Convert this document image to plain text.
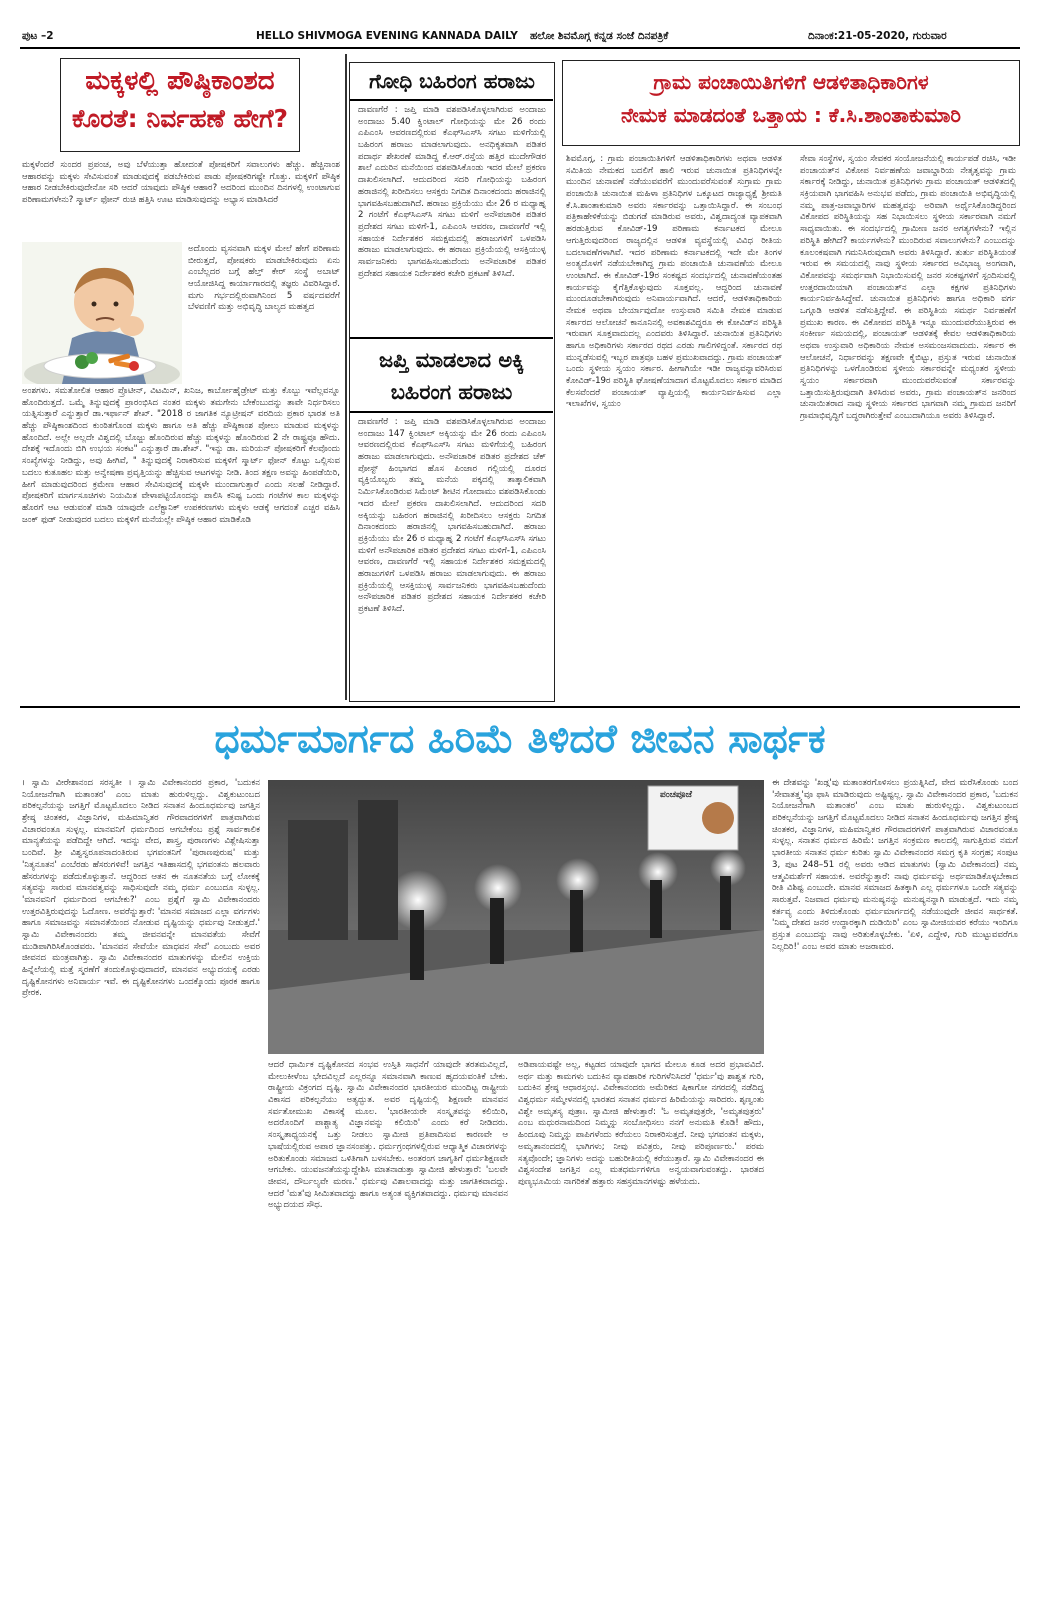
ಪುಟ –2	HELLO SHIVMOGA EVENING KANNADA DAILY ಹಲೋ ಶಿವಮೊಗ್ಗ ಕನ್ನಡ ಸಂಜೆ ದಿನಪತ್ರಿಕೆ	ದಿನಾಂಕ:21-05-2020, ಗುರುವಾರ
ಮಕ್ಕಳಲ್ಲಿ ಪೌಷ್ಠಿಕಾಂಶದ
ಕೊರತೆ: ನಿರ್ವಹಣೆ ಹೇಗೆ?
ಮಕ್ಕಳೆಂದರೆ ಸುಂದರ ಪ್ರಪಂಚ, ಅವು ಬೆಳೆಯುತ್ತಾ ಹೋದಂತೆ ಪೋಷಕರಿಗೆ ಸವಾಲುಗಳು ಹೆಚ್ಚು. ಹೆಚ್ಚಿನಾಂಶ ಆಹಾರವನ್ನು ಮಕ್ಕಳು ಸೇವಿಸುವಂತೆ ಮಾಡುವುದಕ್ಕೆ ಪಡಬೇಕಿರುವ ಪಾಡು ಪೋಷಕರಿಗಷ್ಟೇ ಗೊತ್ತು. ಮಕ್ಕಳಿಗೆ ಪೌಷ್ಠಿಕ ಆಹಾರ ನೀಡಬೇಕಿರುವುದೇನೋ ಸರಿ ಆದರೆ ಯಾವುದು ಪೌಷ್ಠಿಕ ಆಹಾರ? ಅದರಿಂದ ಮುಂದಿನ ದಿನಗಳಲ್ಲಿ ಉಂಟಾಗುವ ಪರಿಣಾಮಗಳೇನು? ಸ್ಮಾರ್ಟ್ ಫೋನ್ ರುಚಿ ಹತ್ತಿಸಿ ಊಟ ಮಾಡಿಸುವುದನ್ನು ಅಭ್ಯಾಸ ಮಾಡಿಸಿದರೆ
ಅದೊಂದು ವ್ಯಸನವಾಗಿ ಮಕ್ಕಳ ಮೇಲೆ ಹೇಗೆ ಪರಿಣಾಮ ಬೀರುತ್ತದೆ, ಪೋಷಕರು ಮಾಡಬೇಕಿರುವುದು ಏನು ಎಂಬೆಲ್ಲದರ ಬಗ್ಗೆ ಹೆಲ್ತ್ ಕೇರ್ ಸಂಸ್ಥೆ ಅಬಾಟ್ ಆಯೋಜಿಸಿದ್ದ ಕಾರ್ಯಾಗಾರದಲ್ಲಿ ತಜ್ಞರು ವಿವರಿಸಿದ್ದಾರೆ. ಮಗು ಗರ್ಭದಲ್ಲಿರುವಾಗಿನಿಂದ 5 ವರ್ಷದವರೆಗೆ ಬೆಳವಣಿಗೆ ಮತ್ತು ಅಭಿವೃದ್ಧಿ ಬಾಲ್ಯದ ಮಹತ್ವದ
ಅಂಶಗಳು. ಸಮತೋಲಿತ ಆಹಾರ ಪ್ರೊಟೀನ್, ವಿಟಮಿನ್, ಖನಿಜ, ಕಾರ್ಬೋಹೈಡ್ರೇಟ್ ಮತ್ತು ಕೊಬ್ಬು ಇವೆಲ್ಲವನ್ನೂ ಹೊಂದಿರುತ್ತದೆ. ಒಮ್ಮೆ ತಿನ್ನುವುದಕ್ಕೆ ಪ್ರಾರಂಭಿಸಿದ ನಂತರ ಮಕ್ಕಳು ತಮಗೇನು ಬೇಕೆಂಬುದನ್ನು ತಾವೇ ನಿರ್ಧರಿಸಲು ಯತ್ನಿಸುತ್ತಾರೆ ಎನ್ನುತ್ತಾರೆ ಡಾ.ಇರ್ಫಾನ್ ಶೇಖ್. "2018 ರ ಜಾಗತಿಕ ನ್ಯೂಟ್ರೀಷನ್ ವರದಿಯ ಪ್ರಕಾರ ಭಾರತ ಅತಿ ಹೆಚ್ಚು ಪೌಷ್ಠಿಕಾಂಶದಿಂದ ಕುಂಠಿತಗೊಂಡ ಮಕ್ಕಳು ಹಾಗೂ ಅತಿ ಹೆಚ್ಚು ಪೌಷ್ಠಿಕಾಂಶ ಪೋಲು ಮಾಡುವ ಮಕ್ಕಳನ್ನು ಹೊಂದಿದೆ. ಅಲ್ಲೇ ಅಲ್ಲದೇ ವಿಶ್ವದಲ್ಲಿ ಬೊಜ್ಜು ಹೊಂದಿರುವ ಹೆಚ್ಚು ಮಕ್ಕಳನ್ನು ಹೊಂದಿರುವ 2 ನೇ ರಾಷ್ಟ್ರವೂ ಹೌದು. ದೇಶಕ್ಕೆ ಇದೊಂದು ಬಿಗಿ ಉಭಯ ಸಂಕಟ" ಎನ್ನುತ್ತಾರೆ ಡಾ.ಶೇಖ್. "ಇನ್ನು ಡಾ. ಮರಿಯನ್ ಪೋಷಕರಿಗೆ ಕೆಲವೊಂದು ಸಂಖ್ಯೆಗಳನ್ನು ನೀಡಿದ್ದು, ಅವು ಹೀಗಿವೆ, " ತಿನ್ನುವುದಕ್ಕೆ ನಿರಾಕರಿಸುವ ಮಕ್ಕಳಿಗೆ ಸ್ಮಾರ್ಟ್ ಫೋನ್ ಕೊಟ್ಟು ಒಲ್ಲಿಸುವ ಬದಲು ಕುತೂಹಲ ಮತ್ತು ಅನ್ವೇಷಣಾ ಪ್ರವೃತ್ತಿಯನ್ನು ಹೆಚ್ಚಿಸುವ ಆಟಗಳನ್ನು ನೀಡಿ. ತಿಂದ ತಕ್ಷಣ ಅವನ್ನು ಹಿಂಪಡೆಯಿರಿ, ಹೀಗೆ ಮಾಡುವುದರಿಂದ ಕ್ರಮೇಣ ಆಹಾರ ಸೇವಿಸುವುದಕ್ಕೆ ಮಕ್ಕಳೇ ಮುಂದಾಗುತ್ತಾರೆ ಎಂದು ಸಲಹೆ ನೀಡಿದ್ದಾರೆ. ಪೋಷಕರಿಗೆ ಮಾರ್ಗಸೂಚಿಗಳು ನಿಯಮಿತ ವೇಳಾಪಟ್ಟಿಯೊಂದನ್ನು ಪಾಲಿಸಿ ಕನಿಷ್ಟ ಒಂದು ಗಂಟೆಗಳ ಕಾಲ ಮಕ್ಕಳನ್ನು ಹೊರಗೆ ಆಟ ಆಡುವಂತೆ ಮಾಡಿ ಯಾವುದೇ ಎಲೆಕ್ಟ್ರಾನಿಕ್ ಉಪಕರಣಗಳು ಮಕ್ಕಳು ಆಡಕ್ಕೆ ಆಗದಂತೆ ಎಚ್ಚರ ವಹಿಸಿ ಜಂಕ್ ಫುಡ್ ನೀಡುವುದರ ಬದಲು ಮಕ್ಕಳಿಗೆ ಮನೆಯಲ್ಲೇ ಪೌಷ್ಠಿಕ ಆಹಾರ ಮಾಡಿಕೊಡಿ
ಗೋಧಿ ಬಹಿರಂಗ ಹರಾಜು
ದಾವಣಗೆರೆ : ಜಪ್ತಿ ಮಾಡಿ ವಶಪಡಿಸಿಕೊಳ್ಳಲಾಗಿರುವ ಅಂದಾಜು ಅಂದಾಜು 5.40 ಕ್ವಿಂಟಾಲ್ ಗೋಧಿಯನ್ನು ಮೇ 26 ರಂದು ಎಪಿಎಂಸಿ ಆವರಣದಲ್ಲಿರುವ ಕೆಎಫ್‍ಸಿಎಸ್‍ಸಿ ಸಗಟು ಮಳಿಗೆಯಲ್ಲಿ ಬಹಿರಂಗ ಹರಾಜು ಮಾಡಲಾಗುವುದು. ಅನಧಿಕೃತವಾಗಿ ಪಡಿತರ ಪದಾರ್ಥ ಶೇಖರಣೆ ಮಾಡಿದ್ದ ಕೆ.ಆರ್.ರಸ್ತೆಯ ಹತ್ತಿರ ಮುದೇಗೌಡರ ಶಾಲೆ ಎದುರಿನ ಮನೆಯಿಂದ ವಶಪಡಿಸಿಕೊಂಡು ಇದರ ಮೇಲೆ ಪ್ರಕರಣ ದಾಖಲಿಸಲಾಗಿದೆ. ಆದುದರಿಂದ ಸದರಿ ಗೋಧಿಯನ್ನು ಬಹಿರಂಗ ಹರಾಜಿನಲ್ಲಿ ಖರೀದಿಸಲು ಆಸಕ್ತರು ನಿಗದಿತ ದಿನಾಂಕದಂದು ಹರಾಜಿನಲ್ಲಿ ಭಾಗವಹಿಸಬಹುದಾಗಿದೆ. ಹರಾಜು ಪ್ರಕ್ರಿಯೆಯು ಮೇ 26 ರ ಮಧ್ಯಾಹ್ನ 2 ಗಂಟೆಗೆ ಕೆಎಫ್‍ಸಿಎಸ್‍ಸಿ ಸಗಟು ಮಳಿಗೆ ಅನೌಪಚಾರಿಕ ಪಡಿತರ ಪ್ರದೇಶದ ಸಗಟು ಮಳಿಗೆ-1, ಎಪಿಎಂಸಿ ಆವರಣ, ದಾವಣಗೆರೆ ಇಲ್ಲಿ ಸಹಾಯಕ ನಿರ್ದೇಶಕರ ಸಮಕ್ಷಮದಲ್ಲಿ ಹರಾಜುಗಳಿಗೆ ಒಳಪಡಿಸಿ ಹರಾಜು ಮಾಡಲಾಗುವುದು. ಈ ಹರಾಜು ಪ್ರಕ್ರಿಯೆಯಲ್ಲಿ ಆಸಕ್ತಿಯುಳ್ಳ ಸಾರ್ವಜನಿಕರು ಭಾಗವಹಿಸಬಹುದೆಂದು ಅನೌಪಚಾರಿಕ ಪಡಿತರ ಪ್ರದೇಶದ ಸಹಾಯಕ ನಿರ್ದೇಶಕರ ಕಚೇರಿ ಪ್ರಕಟಣೆ ತಿಳಿಸಿದೆ.
ಜಪ್ತಿ ಮಾಡಲಾದ ಅಕ್ಕಿ
ಬಹಿರಂಗ ಹರಾಜು
ದಾವಣಗೆರೆ : ಜಪ್ತಿ ಮಾಡಿ ವಶಪಡಿಸಿಕೊಳ್ಳಲಾಗಿರುವ ಅಂದಾಜು ಅಂದಾಜು 147 ಕ್ವಿಂಟಾಲ್ ಅಕ್ಕಿಯನ್ನು ಮೇ 26 ರಂದು ಎಪಿಎಂಸಿ ಆವರಣದಲ್ಲಿರುವ ಕೆಎಫ್‍ಸಿಎಸ್‍ಸಿ ಸಗಟು ಮಳಿಗೆಯಲ್ಲಿ ಬಹಿರಂಗ ಹರಾಜು ಮಾಡಲಾಗುವುದು. ಅನೌಪಚಾರಿಕ ಪಡಿತರ ಪ್ರದೇಶದ ಚೆಕ್ ಪೋಸ್ಟ್ ಹಿಂಭಾಗದ ಹೊಸ ಪಿಂಜಾರ ಗಲ್ಲಿಯಲ್ಲಿ ದೂರದ ವ್ಯಕ್ತಿಯೊಬ್ಬರು ತಮ್ಮ ಮನೆಯ ಪಕ್ಕದಲ್ಲಿ ತಾತ್ಕಾಲಿಕವಾಗಿ ನಿರ್ಮಿಸಿಕೊಂಡಿರುವ ಸಿಮೆಂಟ್ ಶೀಟಿನ ಗೋದಾಮು ವಶಪಡಿಸಿಕೊಂಡು ಇದರ ಮೇಲೆ ಪ್ರಕರಣ ದಾಖಲಿಸಲಾಗಿದೆ. ಆದುದರಿಂದ ಸದರಿ ಅಕ್ಕಿಯನ್ನು ಬಹಿರಂಗ ಹರಾಜಿನಲ್ಲಿ ಖರೀದಿಸಲು ಆಸಕ್ತರು ನಿಗದಿತ ದಿನಾಂಕದಂದು ಹರಾಜಿನಲ್ಲಿ ಭಾಗವಹಿಸಬಹುದಾಗಿದೆ. ಹರಾಜು ಪ್ರಕ್ರಿಯೆಯು ಮೇ 26 ರ ಮಧ್ಯಾಹ್ನ 2 ಗಂಟೆಗೆ ಕೆಎಫ್‍ಸಿಎಸ್‍ಸಿ ಸಗಟು ಮಳಿಗೆ ಅನೌಪಚಾರಿಕ ಪಡಿತರ ಪ್ರದೇಶದ ಸಗಟು ಮಳಿಗೆ-1, ಎಪಿಎಂಸಿ ಆವರಣ, ದಾವಣಗೆರೆ ಇಲ್ಲಿ ಸಹಾಯಕ ನಿರ್ದೇಶಕರ ಸಮಕ್ಷಮದಲ್ಲಿ ಹರಾಜುಗಳಿಗೆ ಒಳಪಡಿಸಿ ಹರಾಜು ಮಾಡಲಾಗುವುದು. ಈ ಹರಾಜು ಪ್ರಕ್ರಿಯೆಯಲ್ಲಿ ಆಸಕ್ತಿಯುಳ್ಳ ಸಾರ್ವಜನಿಕರು ಭಾಗವಹಿಸಬಹುದೆಂದು ಅನೌಪಚಾರಿಕ ಪಡಿತರ ಪ್ರದೇಶದ ಸಹಾಯಕ ನಿರ್ದೇಶಕರ ಕಚೇರಿ ಪ್ರಕಟಣೆ ತಿಳಿಸಿದೆ.
ಗ್ರಾಮ ಪಂಚಾಯಿತಿಗಳಿಗೆ ಆಡಳಿತಾಧಿಕಾರಿಗಳ
ನೇಮಕ ಮಾಡದಂತೆ ಒತ್ತಾಯ : ಕೆ.ಸಿ.ಶಾಂತಾಕುಮಾರಿ
ಶಿವಮೊಗ್ಗ, : ಗ್ರಾಮ ಪಂಚಾಯಿತಿಗಳಿಗೆ ಆಡಳಿತಾಧಿಕಾರಿಗಳು ಅಥವಾ ಆಡಳಿತ ಸಮಿತಿಯ ನೇಮಕದ ಬದಲಿಗೆ ಹಾಲಿ ಇರುವ ಚುನಾಯಿತ ಪ್ರತಿನಿಧಿಗಳನ್ನೇ ಮುಂದಿನ ಚುನಾವಣೆ ನಡೆಯುವವರೆಗೆ ಮುಂದುವರೆಸುವಂತೆ ಸುಗ್ರಾಮ ಗ್ರಾಮ ಪಂಚಾಯಿತಿ ಚುನಾಯಿತ ಮಹಿಳಾ ಪ್ರತಿನಿಧಿಗಳ ಒಕ್ಕೂಟದ ರಾಜ್ಯಾಧ್ಯಕ್ಷೆ ಶ್ರೀಮತಿ ಕೆ.ಸಿ.ಶಾಂತಾಕುಮಾರಿ ಅವರು ಸರ್ಕಾರವನ್ನು ಒತ್ತಾಯಿಸಿದ್ದಾರೆ. ಈ ಸಂಬಂಧ ಪತ್ರಿಕಾಹೇಳಿಕೆಯನ್ನು ಬಿಡುಗಡೆ ಮಾಡಿರುವ ಅವರು, ವಿಶ್ವದಾದ್ಯಂತ ವ್ಯಾಪಕವಾಗಿ ಹರಡುತ್ತಿರುವ ಕೋವಿಡ್-19 ಪರಿಣಾಮ ಕರ್ನಾಟಕದ ಮೇಲೂ ಆಗುತ್ತಿರುವುದರಿಂದ ರಾಜ್ಯದಲ್ಲಿನ ಆಡಳಿತ ವ್ಯವಸ್ಥೆಯಲ್ಲಿ ವಿವಿಧ ರೀತಿಯ ಬದಲಾವಣೆಗಳಾಗಿವೆ. ಇದರ ಪರಿಣಾಮ ಕರ್ನಾಟಕದಲ್ಲಿ ಇದೇ ಮೇ ತಿಂಗಳ ಅಂತ್ಯದೊಳಗೆ ನಡೆಯಬೇಕಾಗಿದ್ದ ಗ್ರಾಮ ಪಂಚಾಯಿತಿ ಚುನಾವಣೆಯ ಮೇಲೂ ಉಂಟಾಗಿದೆ. ಈ ಕೋವಿಡ್-19ರ ಸಂಕಷ್ಟದ ಸಂದರ್ಭದಲ್ಲಿ ಚುನಾವಣೆಯಂತಹ ಕಾರ್ಯವನ್ನು ಕೈಗೆತ್ತಿಕೊಳ್ಳುವುದು ಸೂಕ್ತವಲ್ಲ. ಆದ್ದರಿಂದ ಚುನಾವಣೆ ಮುಂದೂಡಬೇಕಾಗಿರುವುದು ಅನಿವಾರ್ಯವಾಗಿದೆ. ಆದರೆ, ಆಡಳಿತಾಧಿಕಾರಿಯ ನೇಮಕ ಅಥವಾ ಬೇರ್ಯಾವುದೋ ಉಸ್ತುವಾರಿ ಸಮಿತಿ ನೇಮಕ ಮಾಡುವ ಸರ್ಕಾರದ ಆಲೋಚನೆ ಕಾನೂನಿನಲ್ಲಿ ಅವಕಾಶವಿದ್ದರೂ ಈ ಕೋವಿಡ್‌ನ ಪರಿಸ್ಥಿತಿ ಇರುವಾಗ ಸೂಕ್ತವಾದುದಲ್ಲ ಎಂದವರು ತಿಳಿಸಿದ್ದಾರೆ. ಚುನಾಯಿತ ಪ್ರತಿನಿಧಿಗಳು ಹಾಗೂ ಅಧಿಕಾರಿಗಳು ಸರ್ಕಾರದ ರಥದ ಎರಡು ಗಾಲಿಗಳಿದ್ದಂತೆ. ಸರ್ಕಾರದ ರಥ ಮುನ್ನಡೆಸುವಲ್ಲಿ ಇಬ್ಬರ ಪಾತ್ರವೂ ಬಹಳ ಪ್ರಮುಖವಾದದ್ದು. ಗ್ರಾಮ ಪಂಚಾಯತ್ ಒಂದು ಸ್ಥಳೀಯ ಸ್ವಯಂ ಸರ್ಕಾರ. ಹೀಗಾಗಿಯೇ ಇಡೀ ರಾಜ್ಯವನ್ನಾವರಿಸಿರುವ ಕೋವಿಡ್-19ರ ಪರಿಸ್ಥಿತಿ ಘೋಷಣೆಯಾದಾಗ ಮೊಟ್ಟಮೊದಲು ಸರ್ಕಾರ ಮಾಡಿದ ಕೆಲಸವೆಂದರೆ ಪಂಚಾಯತ್ ವ್ಯಾಪ್ತಿಯಲ್ಲಿ ಕಾರ್ಯನಿರ್ವಹಿಸುವ ಎಲ್ಲಾ ಇಲಾಖೆಗಳ, ಸ್ವಯಂ
ಸೇವಾ ಸಂಸ್ಥೆಗಳ, ಸ್ವಯಂ ಸೇವಕರ ಸಂಯೋಜನೆಯಲ್ಲಿ ಕಾರ್ಯಪಡೆ ರಚಿಸಿ, ಇಡೀ ಪಂಚಾಯತ್‌ನ ವಿಕೋಪ ನಿರ್ವಹಣೆಯ ಜವಾಬ್ದಾರಿಯ ನೇತೃತ್ವವನ್ನು ಗ್ರಾಮ ಸರ್ಕಾರಕ್ಕೆ ನೀಡಿದ್ದು, ಚುನಾಯಿತ ಪ್ರತಿನಿಧಿಗಳು ಗ್ರಾಮ ಪಂಚಾಯತ್ ಆಡಳಿತದಲ್ಲಿ ಸಕ್ರಿಯವಾಗಿ ಭಾಗವಹಿಸಿ ಅನುಭವ ಪಡೆದು, ಗ್ರಾಮ ಪಂಚಾಯಿತಿ ಅಭಿವೃದ್ಧಿಯಲ್ಲಿ ನಮ್ಮ ಪಾತ್ರ-ಜವಾಬ್ದಾರಿಗಳ ಮಹತ್ವವನ್ನು ಅರಿವಾಗಿ ಅರ್ಥೈಸಿಕೊಂಡಿದ್ದರಿಂದ ವಿಕೋಪದ ಪರಿಸ್ಥಿತಿಯನ್ನು ಸಹ ನಿಭಾಯಿಸಲು ಸ್ಥಳೀಯ ಸರ್ಕಾರವಾಗಿ ನಮಗೆ ಸಾಧ್ಯವಾಯಿತು. ಈ ಸಂದರ್ಭದಲ್ಲಿ ಗ್ರಾಮೀಣ ಜನರ ಅಗತ್ಯಗಳೇನು? ಇಲ್ಲಿನ ಪರಿಸ್ಥಿತಿ ಹೇಗಿದೆ? ಕಾರ್ಯಗಳೇನು? ಮುಂದಿರುವ ಸವಾಲುಗಳೇನು? ಎಂಬುದನ್ನು ಕೂಲಂಕಷವಾಗಿ ಗಮನಿಸಿರುವುದಾಗಿ ಅವರು ತಿಳಿಸಿದ್ದಾರೆ. ತುರ್ತು ಪರಿಸ್ಥಿತಿಯಂತೆ ಇರುವ ಈ ಸಮಯದಲ್ಲಿ ನಾವು ಸ್ಥಳೀಯ ಸರ್ಕಾರದ ಅವಿಭಾಜ್ಯ ಅಂಗವಾಗಿ, ವಿಕೋಪವನ್ನು ಸಮರ್ಥವಾಗಿ ನಿಭಾಯಿಸುವಲ್ಲಿ ಜನರ ಸಂಕಷ್ಟಗಳಿಗೆ ಸ್ಪಂದಿಸುವಲ್ಲಿ ಉತ್ತರದಾಯಿಯಾಗಿ ಪಂಚಾಯತ್‌ನ ಎಲ್ಲಾ ಕಕ್ಷಗಳ ಪ್ರತಿನಿಧಿಗಳು ಕಾರ್ಯನಿರ್ವಹಿಸಿದ್ದೇವೆ. ಚುನಾಯಿತ ಪ್ರತಿನಿಧಿಗಳು ಹಾಗೂ ಅಧಿಕಾರಿ ವರ್ಗ ಒಗ್ಗೂಡಿ ಆಡಳಿತ ನಡೆಸುತ್ತಿದ್ದೇವೆ. ಈ ಪರಿಸ್ಥಿತಿಯ ಸಮರ್ಥ ನಿರ್ವಹಣೆಗೆ ಪ್ರಮುಖ ಕಾರಣ. ಈ ವಿಕೋಪದ ಪರಿಸ್ಥಿತಿ ಇನ್ನೂ ಮುಂದುವರೆಯುತ್ತಿರುವ ಈ ಸಂಕೀರ್ಣ ಸಮಯದಲ್ಲಿ, ಪಂಚಾಯತ್ ಆಡಳಿತಕ್ಕೆ ಕೇವಲ ಆಡಳಿತಾಧಿಕಾರಿಯ ಅಥವಾ ಉಸ್ತುವಾರಿ ಅಧಿಕಾರಿಯ ನೇಮಕ ಅಸಮಂಜಸವಾದುದು. ಸರ್ಕಾರ ಈ ಆಲೋಚನೆ, ನಿರ್ಧಾರವನ್ನು ತಕ್ಷಣವೇ ಕೈಬಿಟ್ಟು, ಪ್ರಸ್ತುತ ಇರುವ ಚುನಾಯಿತ ಪ್ರತಿನಿಧಿಗಳನ್ನು ಒಳಗೊಂಡಿರುವ ಸ್ಥಳೀಯ ಸರ್ಕಾರವನ್ನೇ ಮಧ್ಯಂತರ ಸ್ಥಳೀಯ ಸ್ವಯಂ ಸರ್ಕಾರವಾಗಿ ಮುಂದುವರೆಸುವಂತೆ ಸರ್ಕಾರವನ್ನು ಒತ್ತಾಯಿಸುತ್ತಿರುವುದಾಗಿ ತಿಳಿಸಿರುವ ಅವರು, ಗ್ರಾಮ ಪಂಚಾಯತ್‌ನ ಜನರಿಂದ ಚುನಾಯಿತರಾದ ನಾವು ಸ್ಥಳೀಯ ಸರ್ಕಾರದ ಭಾಗವಾಗಿ ನಮ್ಮ ಗ್ರಾಮದ ಜನರಿಗೆ ಗ್ರಾಮಾಭಿವೃದ್ಧಿಗೆ ಬದ್ಧರಾಗಿರುತ್ತೇವೆ ಎಂಬುದಾಗಿಯೂ ಅವರು ತಿಳಿಸಿದ್ದಾರೆ.
ಧರ್ಮಮಾರ್ಗದ ಹಿರಿಮೆ ತಿಳಿದರೆ ಜೀವನ ಸಾರ್ಥಕ
। ಸ್ವಾಮಿ ವೀರೇಶಾನಂದ ಸರಸ್ವತೀ । ಸ್ವಾಮಿ ವಿವೇಕಾನಂದರ ಪ್ರಕಾರ, 'ಬದುಕನ ನಿಯೋಜನೆಗಾಗಿ ಮತಾಂತರ' ಎಂಬ ಮಾತು ಹುರುಳಿಲ್ಲದ್ದು. ವಿಶ್ವಕುಟುಂಬದ ಪರಿಕಲ್ಪನೆಯನ್ನು ಜಗತ್ತಿಗೆ ಮೊಟ್ಟಮೊದಲು ನೀಡಿದ ಸನಾತನ ಹಿಂದೂಧರ್ಮವು ಜಗತ್ತಿನ ಶ್ರೇಷ್ಠ ಚಿಂತಕರ, ವಿಜ್ಞಾನಿಗಳ, ಮಹಿಮಾನ್ವಿತರ ಗೌರವಾದರಗಳಿಗೆ ಪಾತ್ರವಾಗಿರುವ ವಿಚಾರವಂತೂ ಸುಳ್ಳಲ್ಲ. ಮಾನವನಿಗೆ ಧರ್ಮದಿಂದ ಆಗಬೇಕೆಂಬ ಪ್ರಶ್ನೆ ಸಾರ್ವಕಾಲಿಕ ಮಾನ್ಯತೆಯನ್ನು ಪಡೆದಿದ್ದೇ ಆಗಿದೆ. ಇದನ್ನು ವೇದ, ಶಾಸ್ತ್ರ, ಪುರಾಣಗಳು ವಿಶ್ಲೇಷಿಸುತ್ತಾ ಬಂದಿವೆ. ಶ್ರೀ ವಿಶ್ವಸ್ವರೂಪನಾದಂತಿರುವ ಭಗವಂತನಿಗೆ 'ಪುರಾಣಪುರುಷ' ಮತ್ತು 'ನಿತ್ಯನೂತನ' ಎಂಬೆರಡು ಹೆಸರುಗಳಿವೆ! ಜಗತ್ತಿನ ಇತಿಹಾಸದಲ್ಲಿ ಭಗವಂತನು ಹಲವಾರು ಹೆಸರುಗಳನ್ನು ಪಡೆದುಕೊಳ್ಳುತ್ತಾನೆ. ಆದ್ದರಿಂದ ಆತನ ಈ ನೂತನತೆಯ ಬಗ್ಗೆ ಲೋಕಕ್ಕೆ ಸತ್ಯವನ್ನು ಸಾರುವ ಮಾನವತ್ವವನ್ನು ಸಾಧಿಸುವುದೇ ನಮ್ಮ ಧರ್ಮ ಎಂಬುದೂ ಸುಳ್ಳಲ್ಲ. 'ಮಾನವನಿಗೆ ಧರ್ಮದಿಂದ ಆಗಬೇಕು?' ಎಂಬ ಪ್ರಶ್ನೆಗೆ ಸ್ವಾಮಿ ವಿವೇಕಾನಂದರು ಉತ್ತರವಿತ್ತಿರುವುದನ್ನು ಓದೋಣ. ಅವರೆನ್ನುತ್ತಾರೆ: 'ಮಾನವ ಸಮಾಜದ ಎಲ್ಲಾ ವರ್ಗಗಳು ಹಾಗೂ ಸಮಾಜವನ್ನು ಸಮಾನತೆಯಿಂದ ನೋಡುವ ದೃಷ್ಟಿಯನ್ನು ಧರ್ಮವು ನೀಡುತ್ತದೆ.' ಸ್ವಾಮಿ ವಿವೇಕಾನಂದರು ತಮ್ಮ ಜೀವನವನ್ನೇ ಮಾನವತೆಯ ಸೇವೆಗೆ ಮುಡಿಪಾಗಿರಿಸಿಕೊಂಡವರು. 'ಮಾನವನ ಸೇವೆಯೇ ಮಾಧವನ ಸೇವೆ' ಎಂಬುದು ಅವರ ಜೀವನದ ಮಂತ್ರವಾಗಿತ್ತು. ಸ್ವಾಮಿ ವಿವೇಕಾನಂದರ ಮಾತುಗಳನ್ನು ಮೇಲಿನ ಉಕ್ತಿಯ ಹಿನ್ನೆಲೆಯಲ್ಲಿ ಮತ್ತೆ ಸ್ಮರಣೆಗೆ ತಂದುಕೊಳ್ಳುವುದಾದರೆ, ಮಾನವನ ಅಭ್ಯುದಯಕ್ಕೆ ಎರಡು ದೃಷ್ಟಿಕೋನಗಳು ಅನಿವಾರ್ಯ ಇವೆ. ಈ ದೃಷ್ಟಿಕೋನಗಳು ಒಂದಕ್ಕೊಂದು ಪೂರಕ ಹಾಗೂ ಪ್ರೇರಕ.
ಪಂಚಪೂಜೆ
ಆದರೆ ಧಾರ್ಮಿಕ ದೃಷ್ಟಿಕೋನದ ಸಂಭವ ಉಸ್ತಿತಿ ಸಾಧನೆಗೆ ಯಾವುದೇ ತರತಮವಿಲ್ಲದೆ, ಮೇಲುಕೀಳೆಂಬ ಭೇದವಿಲ್ಲದೆ ಎಲ್ಲರನ್ನೂ ಸಮಾನವಾಗಿ ಕಾಣುವ ಹೃದಯವಂತಿಕೆ ಬೇಕು. ರಾಷ್ಟ್ರೀಯ ವಿಕ್ರಂಗದ ದೃಷ್ಟಿ. ಸ್ವಾಮಿ ವಿವೇಕಾನಂದರ ಭಾರತೀಯರ ಮುಂದಿಟ್ಟ ರಾಷ್ಟ್ರೀಯ ವಿಕಾಸದ ಪರಿಕಲ್ಪನೆಯು ಅತ್ಯದ್ಭುತ. ಅವರ ದೃಷ್ಟಿಯಲ್ಲಿ ಶಿಕ್ಷಣವೇ ಮಾನವನ ಸರ್ವತೋಮುಖ ವಿಕಾಸಕ್ಕೆ ಮೂಲ. 'ಭಾರತೀಯರೇ ಸಂಸ್ಕೃತವನ್ನು ಕಲಿಯಿರಿ, ಅದರೊಂದಿಗೆ ಪಾಶ್ಚಾತ್ಯ ವಿಜ್ಞಾನವನ್ನು ಕಲಿಯಿರಿ' ಎಂದು ಕರೆ ನೀಡಿದರು. ಸಂಸ್ಕೃತಾಧ್ಯಯನಕ್ಕೆ ಒತ್ತು ನೀಡಲು ಸ್ವಾಮೀಜಿ ಪ್ರತಿಪಾದಿಸುವ ಕಾರಣವೇ ಆ ಭಾಷೆಯಲ್ಲಿರುವ ಅಪಾರ ಜ್ಞಾನಸಂಪತ್ತು. ಧರ್ಮಗ್ರಂಥಗಳಲ್ಲಿರುವ ಆಧ್ಯಾತ್ಮಿಕ ವಿಚಾರಗಳನ್ನು ಅರಿತುಕೊಂಡು ಸಮಾಜದ ಒಳಿತಿಗಾಗಿ ಬಳಸಬೇಕು. ಅಂತರಂಗ ಜಾಗೃತಿಗೆ ಧರ್ಮಶಿಕ್ಷಣವೇ ಆಗಬೇಕು. ಯುವಜನತೆಯನ್ನುದ್ದೇಶಿಸಿ ಮಾತನಾಡುತ್ತಾ ಸ್ವಾಮೀಜಿ ಹೇಳುತ್ತಾರೆ: 'ಬಲವೇ ಜೀವನ, ದೌರ್ಬಲ್ಯವೇ ಮರಣ.' ಧರ್ಮವು ವಿಶಾಲವಾದದ್ದು ಮತ್ತು ಜಾಗತಿಕವಾದದ್ದು. ಆದರೆ 'ಮತ'ವು ಸೀಮಿತವಾದದ್ದು ಹಾಗೂ ಅತ್ಯಂತ ವ್ಯಕ್ತಿಗತವಾದದ್ದು. ಧರ್ಮವು ಮಾನವನ ಅಭ್ಯುದಯದ ಸೌಧ.
ಅಡಿಪಾಯವಷ್ಟೇ ಅಲ್ಲ, ಕಟ್ಟಡದ ಯಾವುದೇ ಭಾಗದ ಮೇಲೂ ಕೂಡ ಅದರ ಪ್ರಭಾವವಿದೆ. ಅರ್ಥ ಮತ್ತು ಕಾಮಗಳು ಬದುಕಿನ ವ್ಯಾವಹಾರಿಕ ಗುರಿಗಳೆನಿಸಿದರೆ 'ಧರ್ಮ'ವು ಶಾಶ್ವತ ಗುರಿ, ಬದುಕಿನ ಶ್ರೇಷ್ಠ ಆಧಾರಸ್ತಂಭ. ವಿವೇಕಾನಂದರು ಅಮೆರಿಕದ ಷಿಕಾಗೋ ನಗರದಲ್ಲಿ ನಡೆದಿದ್ದ ವಿಶ್ವಧರ್ಮ ಸಮ್ಮೇಳನದಲ್ಲಿ ಭಾರತದ ಸನಾತನ ಧರ್ಮದ ಹಿರಿಮೆಯನ್ನು ಸಾರಿದರು. ಶೃಣ್ವಂತು ವಿಶ್ವೇ ಅಮೃತಸ್ಯ ಪುತ್ರಾಃ. ಸ್ವಾಮೀಜಿ ಹೇಳುತ್ತಾರೆ: 'ಓ ಅಮೃತಪುತ್ರರೇ, 'ಅಮೃತಪುತ್ರರು' ಎಂಬ ಮಧುರನಾಮದಿಂದ ನಿಮ್ಮನ್ನು ಸಂಬೋಧಿಸಲು ನನಗೆ ಅನುಮತಿ ಕೊಡಿ! ಹೌದು, ಹಿಂದೂವು ನಿಮ್ಮನ್ನು ಪಾಪಿಗಳೆಂದು ಕರೆಯಲು ನಿರಾಕರಿಸುತ್ತದೆ. ನೀವು ಭಗವಂತನ ಮಕ್ಕಳು, ಅಮೃತಾನಂದದಲ್ಲಿ ಭಾಗಿಗಳು; ನೀವು ಪವಿತ್ರರು, ನೀವು ಪರಿಪೂರ್ಣರು.' ಪರಮ ಸತ್ಯವೊಂದೇ; ಜ್ಞಾನಿಗಳು ಅದನ್ನು ಬಹುರೀತಿಯಲ್ಲಿ ಕರೆಯುತ್ತಾರೆ. ಸ್ವಾಮಿ ವಿವೇಕಾನಂದರ ಈ ವಿಶ್ವಸಂದೇಶ ಜಗತ್ತಿನ ಎಲ್ಲ ಮತಧರ್ಮಗಳಿಗೂ ಅನ್ವಯವಾಗುವಂತದ್ದು. ಭಾರತದ ಪುಣ್ಯಭೂಮಿಯ ನಾಗರಿಕತೆ ಹತ್ತಾರು ಸಹಸ್ರಮಾನಗಳಷ್ಟು ಹಳೆಯದು.
ಈ ದೇಶವನ್ನು 'ಖಡ್ಗ'ವು ಮತಾಂತರಗೊಳಿಸಲು ಪ್ರಯತ್ನಿಸಿದೆ, ವೇದ ಮರೆಸಿಕೊಂಡು ಬಂದ 'ಸೇವಾತತ್ತ್ವ'ವೂ ಫಾಸಿ ಮಾಡಿರುವುದು ಅಷ್ಟಿಷ್ಟಲ್ಲ. ಸ್ವಾಮಿ ವಿವೇಕಾನಂದರ ಪ್ರಕಾರ, 'ಬದುಕನ ನಿಯೋಜನೆಗಾಗಿ ಮತಾಂತರ' ಎಂಬ ಮಾತು ಹುರುಳಿಲ್ಲದ್ದು. ವಿಶ್ವಕುಟುಂಬದ ಪರಿಕಲ್ಪನೆಯನ್ನು ಜಗತ್ತಿಗೆ ಮೊಟ್ಟಮೊದಲು ನೀಡಿದ ಸನಾತನ ಹಿಂದೂಧರ್ಮವು ಜಗತ್ತಿನ ಶ್ರೇಷ್ಠ ಚಿಂತಕರ, ವಿಜ್ಞಾನಿಗಳ, ಮಹಿಮಾನ್ವಿತರ ಗೌರವಾದರಗಳಿಗೆ ಪಾತ್ರವಾಗಿರುವ ವಿಚಾರವಂತೂ ಸುಳ್ಳಲ್ಲ. ಸನಾತನ ಧರ್ಮದ ಹಿರಿಮೆ: ಜಗತ್ತಿನ ಸಂಕ್ರಮಣ ಕಾಲದಲ್ಲಿ ಸಾಗುತ್ತಿರುವ ನಮಗೆ ಭಾರತೀಯ ಸನಾತನ ಧರ್ಮ ಕುರಿತು ಸ್ವಾಮಿ ವಿವೇಕಾನಂದರ ಸಮಗ್ರ ಕೃತಿ ಸಂಗ್ರಹ; ಸಂಪುಟ 3, ಪುಟ 248–51 ರಲ್ಲಿ ಅವರು ಆಡಿದ ಮಾತುಗಳು (ಸ್ವಾಮಿ ವಿವೇಕಾನಂದ) ನಮ್ಮ ಆತ್ಮವಿಮರ್ಶೆಗೆ ಸಹಾಯಕ. ಅವರೆನ್ನುತ್ತಾರೆ: ನಾವು ಧರ್ಮವನ್ನು ಅರ್ಥಮಾಡಿಕೊಳ್ಳಬೇಕಾದ ರೀತಿ ವಿಶಿಷ್ಟ ಎಂಬುದೇ. ಮಾನವ ಸಮಾಜದ ಹಿತಕ್ಕಾಗಿ ಎಲ್ಲ ಧರ್ಮಗಳೂ ಒಂದೇ ಸತ್ಯವನ್ನು ಸಾರುತ್ತವೆ. ನಿಜವಾದ ಧರ್ಮವು ಮನುಷ್ಯನನ್ನು ಮನುಷ್ಯನನ್ನಾಗಿ ಮಾಡುತ್ತದೆ. ಇದು ನಮ್ಮ ಕರ್ತವ್ಯ ಎಂದು ತಿಳಿದುಕೊಂಡು ಧರ್ಮಮಾರ್ಗದಲ್ಲಿ ನಡೆಯುವುದೇ ಜೀವನ ಸಾರ್ಥಕತೆ. 'ನಿಮ್ಮ ದೇಶದ ಜನರ ಉದ್ಧಾರಕ್ಕಾಗಿ ದುಡಿಯಿರಿ' ಎಂಬ ಸ್ವಾಮೀಜಿಯವರ ಕರೆಯು ಇಂದಿಗೂ ಪ್ರಸ್ತುತ ಎಂಬುದನ್ನು ನಾವು ಅರಿತುಕೊಳ್ಳಬೇಕು. 'ಏಳಿ, ಎದ್ದೇಳಿ, ಗುರಿ ಮುಟ್ಟುವವರೆಗೂ ನಿಲ್ಲದಿರಿ!' ಎಂಬ ಅವರ ಮಾತು ಅಜರಾಮರ.
